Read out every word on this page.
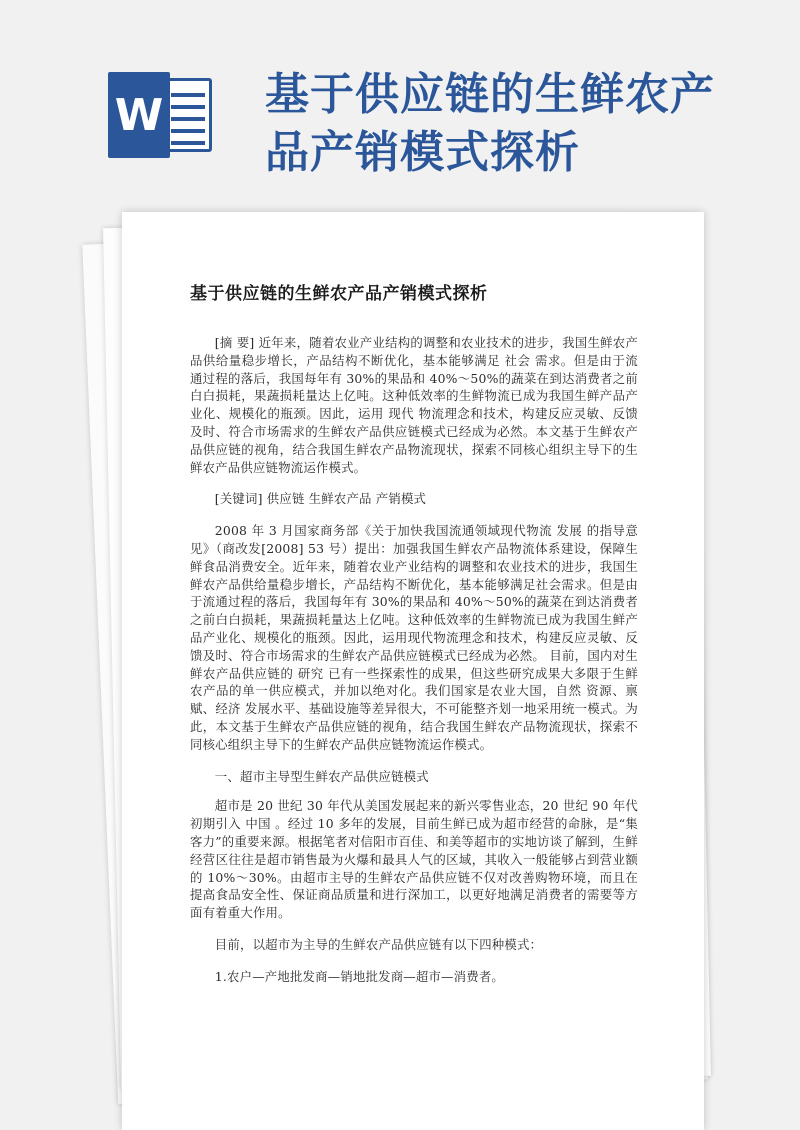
W 基于供应链的生鲜农产
品产销模式探析
基于供应链的生鲜农产品产销模式探析

[摘 要] 近年来，随着农业产业结构的调整和农业技术的进步，我国生鲜农产品供给量稳步增长，产品结构不断优化，基本能够满足 社会 需求。但是由于流通过程的落后，我国每年有 30%的果品和 40%～50%的蔬菜在到达消费者之前白白损耗，果蔬损耗量达上亿吨。这种低效率的生鲜物流已成为我国生鲜产品产业化、规模化的瓶颈。因此，运用 现代 物流理念和技术，构建反应灵敏、反馈及时、符合市场需求的生鲜农产品供应链模式已经成为必然。本文基于生鲜农产品供应链的视角，结合我国生鲜农产品物流现状，探索不同核心组织主导下的生鲜农产品供应链物流运作模式。

[关键词] 供应链 生鲜农产品 产销模式

2008 年 3 月国家商务部《关于加快我国流通领域现代物流 发展 的指导意见》（商改发[2008] 53 号）提出：加强我国生鲜农产品物流体系建设，保障生鲜食品消费安全。近年来，随着农业产业结构的调整和农业技术的进步，我国生鲜农产品供给量稳步增长，产品结构不断优化，基本能够满足社会需求。但是由于流通过程的落后，我国每年有 30%的果品和 40%～50%的蔬菜在到达消费者之前白白损耗，果蔬损耗量达上亿吨。这种低效率的生鲜物流已成为我国生鲜产品产业化、规模化的瓶颈。因此，运用现代物流理念和技术，构建反应灵敏、反馈及时、符合市场需求的生鲜农产品供应链模式已经成为必然。 目前，国内对生鲜农产品供应链的 研究 已有一些探索性的成果，但这些研究成果大多限于生鲜农产品的单一供应模式，并加以绝对化。我们国家是农业大国，自然 资源、禀赋、经济 发展水平、基础设施等差异很大，不可能整齐划一地采用统一模式。为此，本文基于生鲜农产品供应链的视角，结合我国生鲜农产品物流现状，探索不同核心组织主导下的生鲜农产品供应链物流运作模式。

一、超市主导型生鲜农产品供应链模式

超市是 20 世纪 30 年代从美国发展起来的新兴零售业态，20 世纪 90 年代初期引入 中国 。经过 10 多年的发展，目前生鲜已成为超市经营的命脉，是“集客力”的重要来源。根据笔者对信阳市百佳、和美等超市的实地访谈了解到，生鲜经营区往往是超市销售最为火爆和最具人气的区域，其收入一般能够占到营业额的 10%～30%。由超市主导的生鲜农产品供应链不仅对改善购物环境，而且在提高食品安全性、保证商品质量和进行深加工，以更好地满足消费者的需要等方面有着重大作用。

目前，以超市为主导的生鲜农产品供应链有以下四种模式：

1.农户—产地批发商—销地批发商—超市—消费者。
